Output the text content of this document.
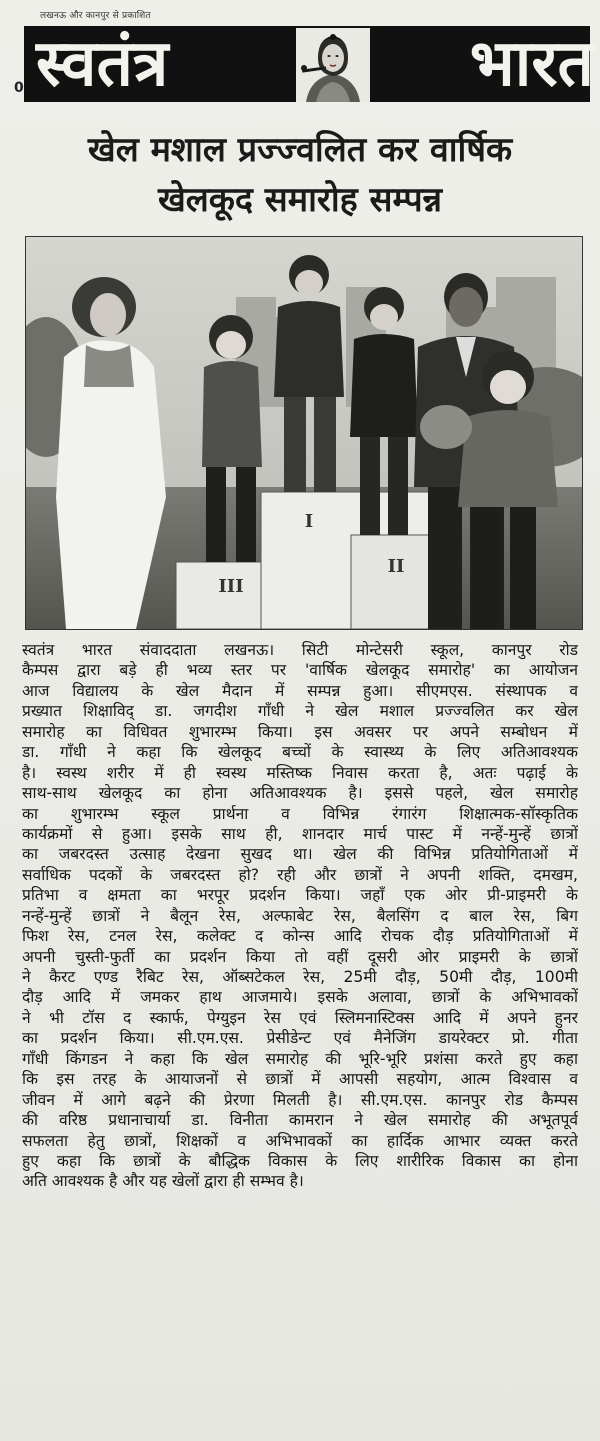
लखनऊ और कानपुर से प्रकाशित
0 स्वतंत्र	भारत
खेल मशाल प्रज्ज्वलित कर वार्षिक
खेलकूद समारोह सम्पन्न
III
I
II
स्वतंत्र भारत संवाददाता लखनऊ। सिटी मोन्टेसरी स्कूल, कानपुर रोड
कैम्पस द्वारा बड़े ही भव्य स्तर पर 'वार्षिक खेलकूद समारोह' का आयोजन
आज विद्यालय के खेल मैदान में सम्पन्न हुआ। सीएमएस. संस्थापक व
प्रख्यात शिक्षाविद् डा. जगदीश गाँधी ने खेल मशाल प्रज्ज्वलित कर खेल
समारोह का विधिवत शुभारम्भ किया। इस अवसर पर अपने सम्बोधन में
डा. गाँधी ने कहा कि खेलकूद बच्चों के स्वास्थ्य के लिए अतिआवश्यक
है। स्वस्थ शरीर में ही स्वस्थ मस्तिष्क निवास करता है, अतः पढ़ाई के
साथ-साथ खेलकूद का होना अतिआवश्यक है। इससे पहले, खेल समारोह
का शुभारम्भ स्कूल प्रार्थना व विभिन्न रंगारंग शिक्षात्मक-सॉस्कृतिक
कार्यक्रमों से हुआ। इसके साथ ही, शानदार मार्च पास्ट में नन्हें-मुन्हें छात्रों
का जबरदस्त उत्साह देखना सुखद था। खेल की विभिन्न प्रतियोगिताओं में
सर्वाधिक पदकों के जबरदस्त हो? रही और छात्रों ने अपनी शक्ति, दमखम,
प्रतिभा व क्षमता का भरपूर प्रदर्शन किया। जहाँ एक ओर प्री-प्राइमरी के
नन्हें-मुन्हें छात्रों ने बैलून रेस, अल्फाबेट रेस, बैलसिंग द बाल रेस, बिग
फिश रेस, टनल रेस, कलेक्ट द कोन्स आदि रोचक दौड़ प्रतियोगिताओं में
अपनी चुस्ती-फुर्ती का प्रदर्शन किया तो वहीं दूसरी ओर प्राइमरी के छात्रों
ने कैरट एण्ड रैबिट रेस, ऑब्सटेकल रेस, 25मी दौड़, 50मी दौड़, 100मी
दौड़ आदि में जमकर हाथ आजमाये। इसके अलावा, छात्रों के अभिभावकों
ने भी टॉस द स्कार्फ, पेग्युइन रेस एवं स्लिमनास्टिक्स आदि में अपने हुनर
का प्रदर्शन किया। सी.एम.एस. प्रेसीडेन्ट एवं मैनेजिंग डायरेक्टर प्रो. गीता
गाँधी किंगडन ने कहा कि खेल समारोह की भूरि-भूरि प्रशंसा करते हुए कहा
कि इस तरह के आयाजनों से छात्रों में आपसी सहयोग, आत्म विश्वास व
जीवन में आगे बढ़ने की प्रेरणा मिलती है। सी.एम.एस. कानपुर रोड कैम्पस
की वरिष्ठ प्रधानाचार्या डा. विनीता कामरान ने खेल समारोह की अभूतपूर्व
सफलता हेतु छात्रों, शिक्षकों व अभिभावकों का हार्दिक आभार व्यक्त करते
हुए कहा कि छात्रों के बौद्धिक विकास के लिए शारीरिक विकास का होना
अति आवश्यक है और यह खेलों द्वारा ही सम्भव है।
